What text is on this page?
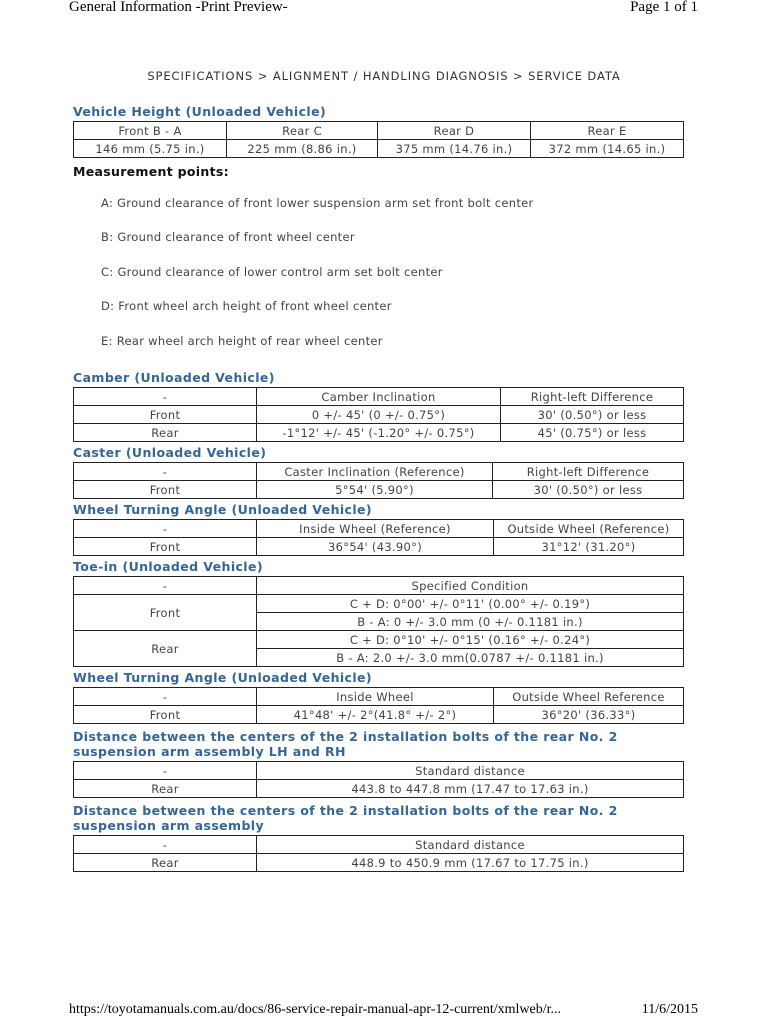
General Information -Print Preview-	Page 1 of 1
SPECIFICATIONS > ALIGNMENT / HANDLING DIAGNOSIS > SERVICE DATA
Vehicle Height (Unloaded Vehicle)
Front B - A	Rear C	Rear D	Rear E
146 mm (5.75 in.)	225 mm (8.86 in.)	375 mm (14.76 in.)	372 mm (14.65 in.)
Measurement points:
A: Ground clearance of front lower suspension arm set front bolt center
B: Ground clearance of front wheel center
C: Ground clearance of lower control arm set bolt center
D: Front wheel arch height of front wheel center
E: Rear wheel arch height of rear wheel center
Camber (Unloaded Vehicle)
-	Camber Inclination	Right-left Difference
Front	0 +/- 45' (0 +/- 0.75°)	30' (0.50°) or less
Rear	-1°12' +/- 45' (-1.20° +/- 0.75°)	45' (0.75°) or less
Caster (Unloaded Vehicle)
-	Caster Inclination (Reference)	Right-left Difference
Front	5°54' (5.90°)	30' (0.50°) or less
Wheel Turning Angle (Unloaded Vehicle)
-	Inside Wheel (Reference)	Outside Wheel (Reference)
Front	36°54' (43.90°)	31°12' (31.20°)
Toe-in (Unloaded Vehicle)
-	Specified Condition
Front	C + D: 0°00' +/- 0°11' (0.00° +/- 0.19°)
	B - A: 0 +/- 3.0 mm (0 +/- 0.1181 in.)
Rear	C + D: 0°10' +/- 0°15' (0.16° +/- 0.24°)
	B - A: 2.0 +/- 3.0 mm(0.0787 +/- 0.1181 in.)
Wheel Turning Angle (Unloaded Vehicle)
-	Inside Wheel	Outside Wheel Reference
Front	41°48' +/- 2°(41.8° +/- 2°)	36°20' (36.33°)
Distance between the centers of the 2 installation bolts of the rear No. 2 suspension arm assembly LH and RH
-	Standard distance
Rear	443.8 to 447.8 mm (17.47 to 17.63 in.)
Distance between the centers of the 2 installation bolts of the rear No. 2 suspension arm assembly
-	Standard distance
Rear	448.9 to 450.9 mm (17.67 to 17.75 in.)
https://toyotamanuals.com.au/docs/86-service-repair-manual-apr-12-current/xmlweb/r...	11/6/2015
